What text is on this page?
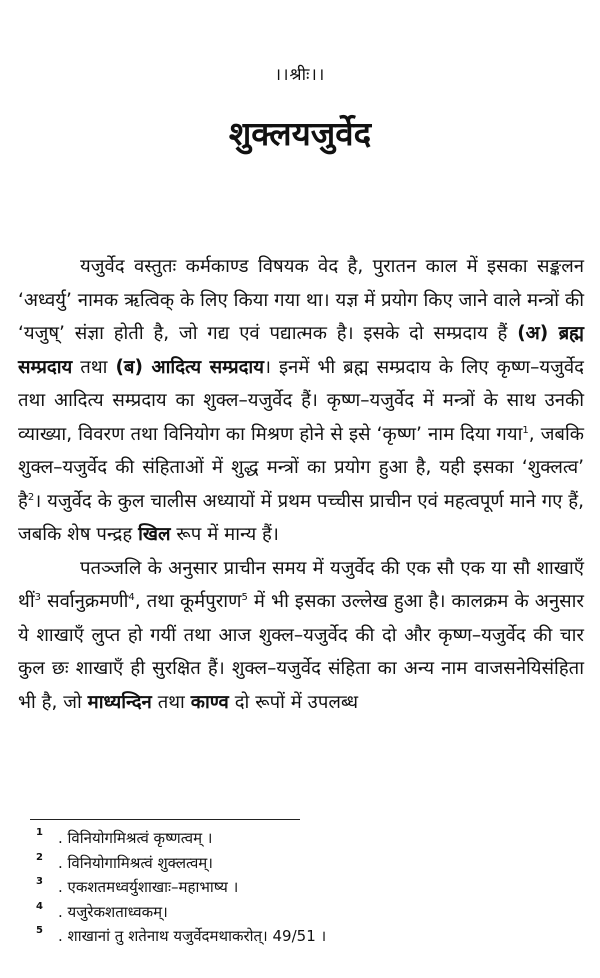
।।श्रीः।।
शुक्लयजुर्वेद

यजुर्वेद वस्तुतः कर्मकाण्ड विषयक वेद है, पुरातन काल में इसका सङ्कलन ‘अध्वर्यु’ नामक ऋत्विक् के लिए किया गया था। यज्ञ में प्रयोग किए जाने वाले मन्त्रों की ‘यजुष्’ संज्ञा होती है, जो गद्य एवं पद्यात्मक है। इसके दो सम्प्रदाय हैं (अ) ब्रह्म सम्प्रदाय तथा (ब) आदित्य सम्प्रदाय। इनमें भी ब्रह्म सम्प्रदाय के लिए कृष्ण–यजुर्वेद तथा आदित्य सम्प्रदाय का शुक्ल–यजुर्वेद हैं। कृष्ण–यजुर्वेद में मन्त्रों के साथ उनकी व्याख्या, विवरण तथा विनियोग का मिश्रण होने से इसे ‘कृष्ण’ नाम दिया गया$^1$, जबकि शुक्ल–यजुर्वेद की संहिताओं में शुद्ध मन्त्रों का प्रयोग हुआ है, यही इसका ‘शुक्लत्व’ है$^2$। यजुर्वेद के कुल चालीस अध्यायों में प्रथम पच्चीस प्राचीन एवं महत्वपूर्ण माने गए हैं, जबकि शेष पन्द्रह खिल रूप में मान्य हैं।

पतञ्जलि के अनुसार प्राचीन समय में यजुर्वेद की एक सौ एक या सौ शाखाएँ थीं$^3$ सर्वानुक्रमणी$^4$, तथा कूर्मपुराण$^5$ में भी इसका उल्लेख हुआ है। कालक्रम के अनुसार ये शाखाएँ लुप्त हो गयीं तथा आज शुक्ल–यजुर्वेद की दो और कृष्ण–यजुर्वेद की चार कुल छः शाखाएँ ही सुरक्षित हैं। शुक्ल–यजुर्वेद संहिता का अन्य नाम वाजसनेयिसंहिता भी है, जो माध्यन्दिन तथा काण्व दो रूपों में उपलब्ध

1 . विनियोगमिश्रत्वं कृष्णत्वम् ।
2 . विनियोगामिश्रत्वं शुक्लत्वम्।
3 . एकशतमध्वर्युशाखाः–महाभाष्य ।
4 . यजुरेकशताध्वकम्।
5 . शाखानां तु शतेनाथ यजुर्वेदमथाकरोत्। 49/51 ।
